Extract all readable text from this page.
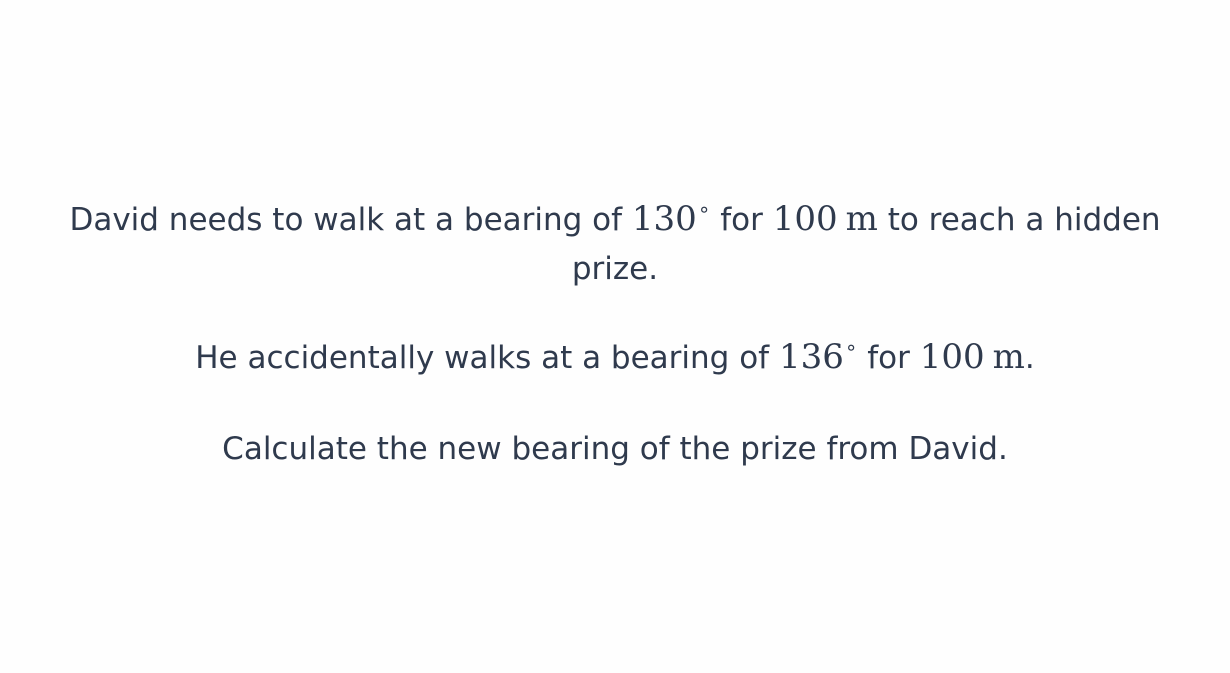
David needs to walk at a bearing of 130∘ for 100 m to reach a hidden
prize.
He accidentally walks at a bearing of 136∘ for 100 m.
Calculate the new bearing of the prize from David.
